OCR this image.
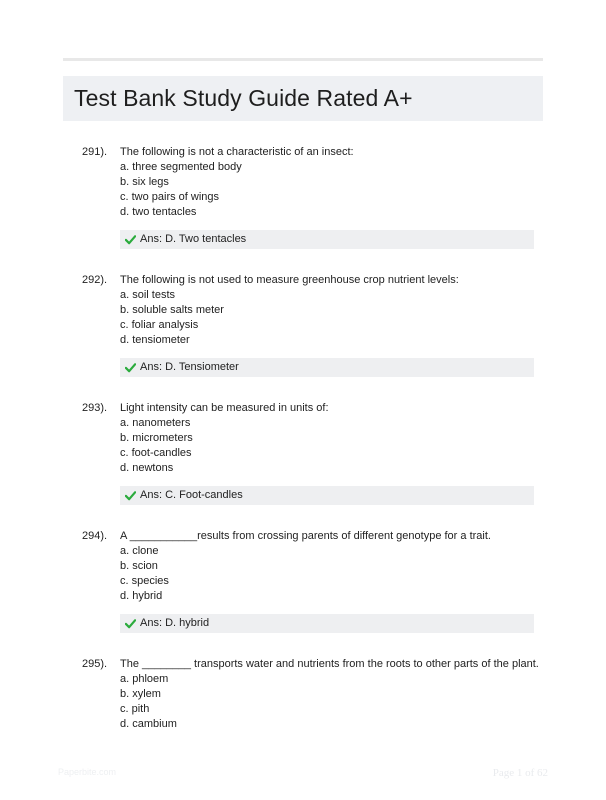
Test Bank Study Guide Rated A+
291). The following is not a characteristic of an insect:
a. three segmented body
b. six legs
c. two pairs of wings
d. two tentacles
Ans: D. Two tentacles
292). The following is not used to measure greenhouse crop nutrient levels:
a. soil tests
b. soluble salts meter
c. foliar analysis
d. tensiometer
Ans: D. Tensiometer
293). Light intensity can be measured in units of:
a. nanometers
b. micrometers
c. foot-candles
d. newtons
Ans: C. Foot-candles
294). A ___________results from crossing parents of different genotype for a trait.
a. clone
b. scion
c. species
d. hybrid
Ans: D. hybrid
295). The ________ transports water and nutrients from the roots to other parts of the plant.
a. phloem
b. xylem
c. pith
d. cambium
Paperbite.com	Page 1 of 62
